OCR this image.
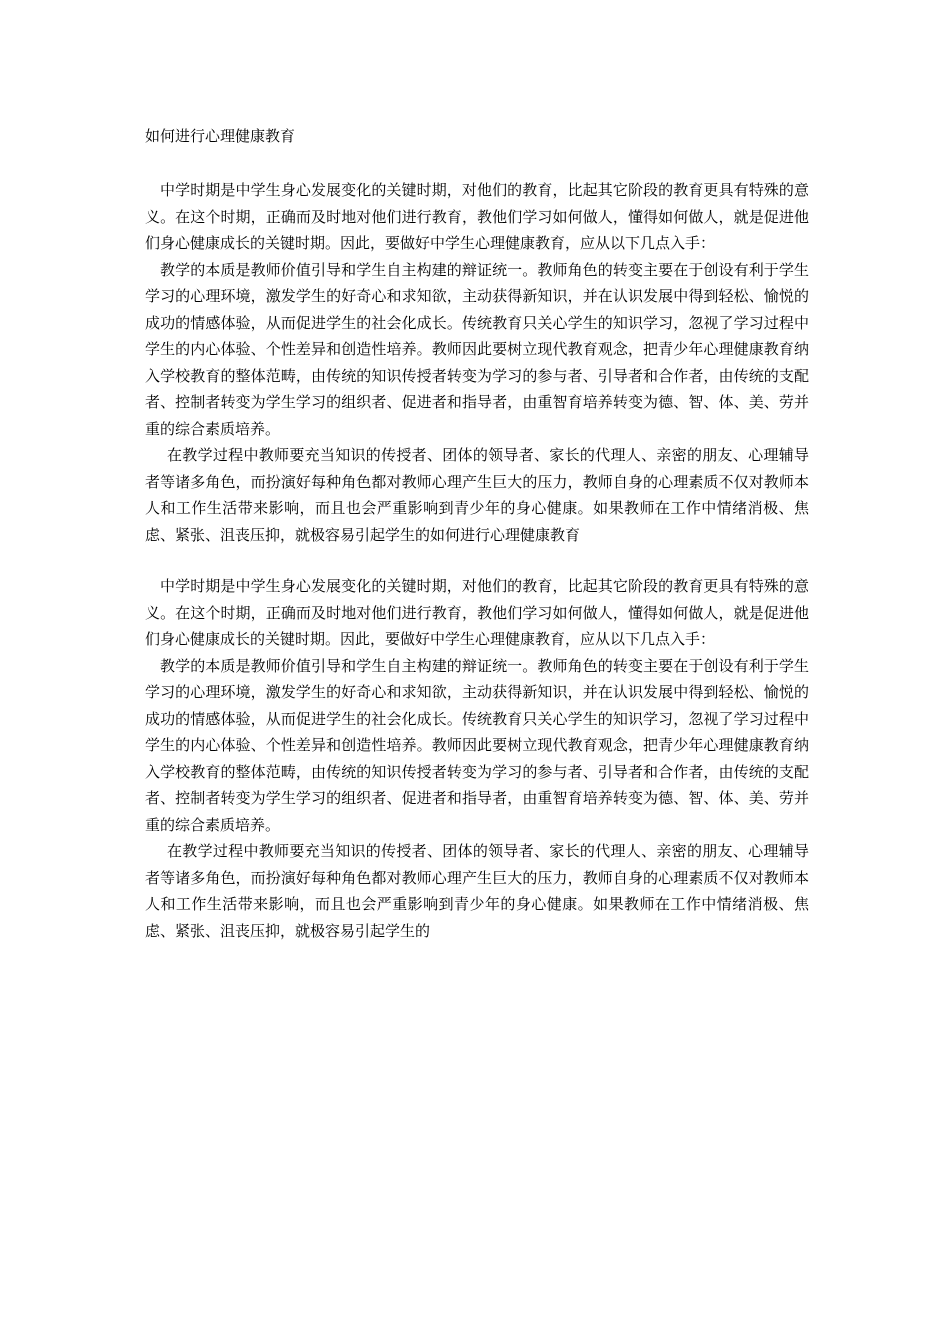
如何进行心理健康教育

中学时期是中学生身心发展变化的关键时期，对他们的教育，比起其它阶段的教育更具有特殊的意义。在这个时期，正确而及时地对他们进行教育，教他们学习如何做人，懂得如何做人，就是促进他们身心健康成长的关键时期。因此，要做好中学生心理健康教育，应从以下几点入手：

教学的本质是教师价值引导和学生自主构建的辩证统一。教师角色的转变主要在于创设有利于学生学习的心理环境，激发学生的好奇心和求知欲，主动获得新知识，并在认识发展中得到轻松、愉悦的成功的情感体验，从而促进学生的社会化成长。传统教育只关心学生的知识学习，忽视了学习过程中学生的内心体验、个性差异和创造性培养。教师因此要树立现代教育观念，把青少年心理健康教育纳入学校教育的整体范畴，由传统的知识传授者转变为学习的参与者、引导者和合作者，由传统的支配者、控制者转变为学生学习的组织者、促进者和指导者，由重智育培养转变为德、智、体、美、劳并重的综合素质培养。

在教学过程中教师要充当知识的传授者、团体的领导者、家长的代理人、亲密的朋友、心理辅导者等诸多角色，而扮演好每种角色都对教师心理产生巨大的压力，教师自身的心理素质不仅对教师本人和工作生活带来影响，而且也会严重影响到青少年的身心健康。如果教师在工作中情绪消极、焦虑、紧张、沮丧压抑，就极容易引起学生的如何进行心理健康教育

中学时期是中学生身心发展变化的关键时期，对他们的教育，比起其它阶段的教育更具有特殊的意义。在这个时期，正确而及时地对他们进行教育，教他们学习如何做人，懂得如何做人，就是促进他们身心健康成长的关键时期。因此，要做好中学生心理健康教育，应从以下几点入手：

教学的本质是教师价值引导和学生自主构建的辩证统一。教师角色的转变主要在于创设有利于学生学习的心理环境，激发学生的好奇心和求知欲，主动获得新知识，并在认识发展中得到轻松、愉悦的成功的情感体验，从而促进学生的社会化成长。传统教育只关心学生的知识学习，忽视了学习过程中学生的内心体验、个性差异和创造性培养。教师因此要树立现代教育观念，把青少年心理健康教育纳入学校教育的整体范畴，由传统的知识传授者转变为学习的参与者、引导者和合作者，由传统的支配者、控制者转变为学生学习的组织者、促进者和指导者，由重智育培养转变为德、智、体、美、劳并重的综合素质培养。

在教学过程中教师要充当知识的传授者、团体的领导者、家长的代理人、亲密的朋友、心理辅导者等诸多角色，而扮演好每种角色都对教师心理产生巨大的压力，教师自身的心理素质不仅对教师本人和工作生活带来影响，而且也会严重影响到青少年的身心健康。如果教师在工作中情绪消极、焦虑、紧张、沮丧压抑，就极容易引起学生的
